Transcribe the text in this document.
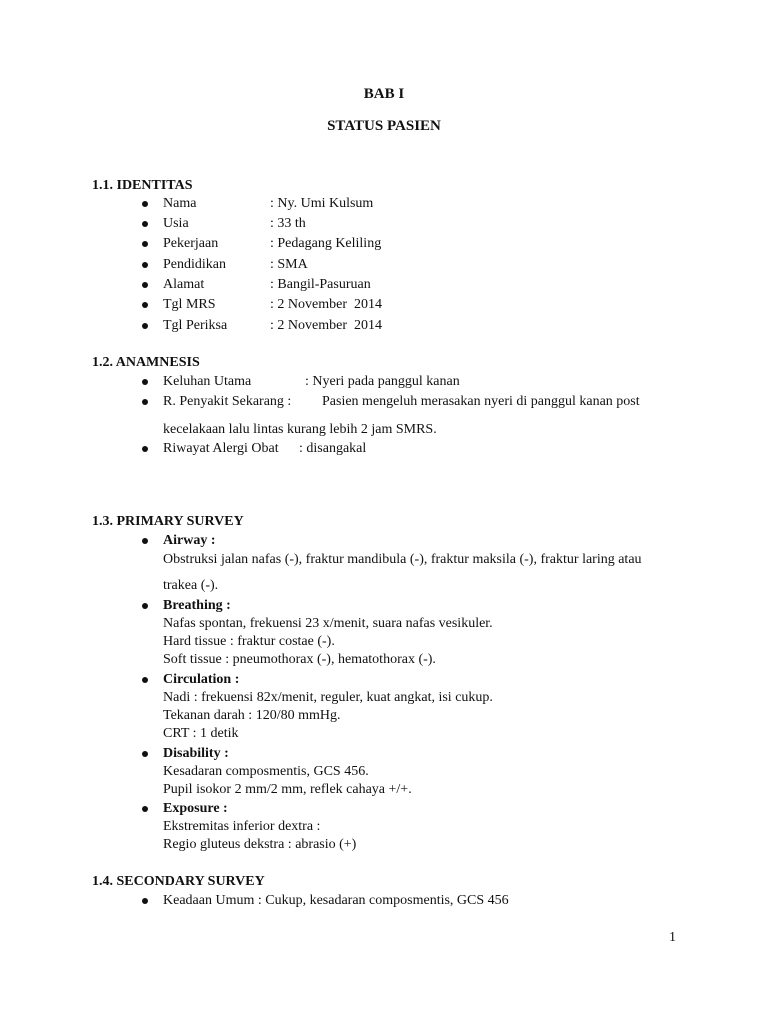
BAB I
STATUS PASIEN
1.1. IDENTITAS
Nama	: Ny. Umi Kulsum
Usia	: 33 th
Pekerjaan	: Pedagang Keliling
Pendidikan	: SMA
Alamat	: Bangil-Pasuruan
Tgl MRS	: 2 November  2014
Tgl Periksa	: 2 November  2014
1.2. ANAMNESIS
Keluhan Utama	: Nyeri pada panggul kanan
R. Penyakit Sekarang : Pasien mengeluh merasakan nyeri di panggul kanan post
kecelakaan lalu lintas kurang lebih 2 jam SMRS.
Riwayat Alergi Obat : disangakal
1.3. PRIMARY SURVEY
Airway :
Obstruksi jalan nafas (-), fraktur mandibula (-), fraktur maksila (-), fraktur laring atau
trakea (-).
Breathing :
Nafas spontan, frekuensi 23 x/menit, suara nafas vesikuler.
Hard tissue : fraktur costae (-).
Soft tissue : pneumothorax (-), hematothorax (-).
Circulation :
Nadi : frekuensi 82x/menit, reguler, kuat angkat, isi cukup.
Tekanan darah : 120/80 mmHg.
CRT : 1 detik
Disability :
Kesadaran composmentis, GCS 456.
Pupil isokor 2 mm/2 mm, reflek cahaya +/+.
Exposure :
Ekstremitas inferior dextra :
Regio gluteus dekstra : abrasio (+)
1.4. SECONDARY SURVEY
Keadaan Umum : Cukup, kesadaran composmentis, GCS 456
1
